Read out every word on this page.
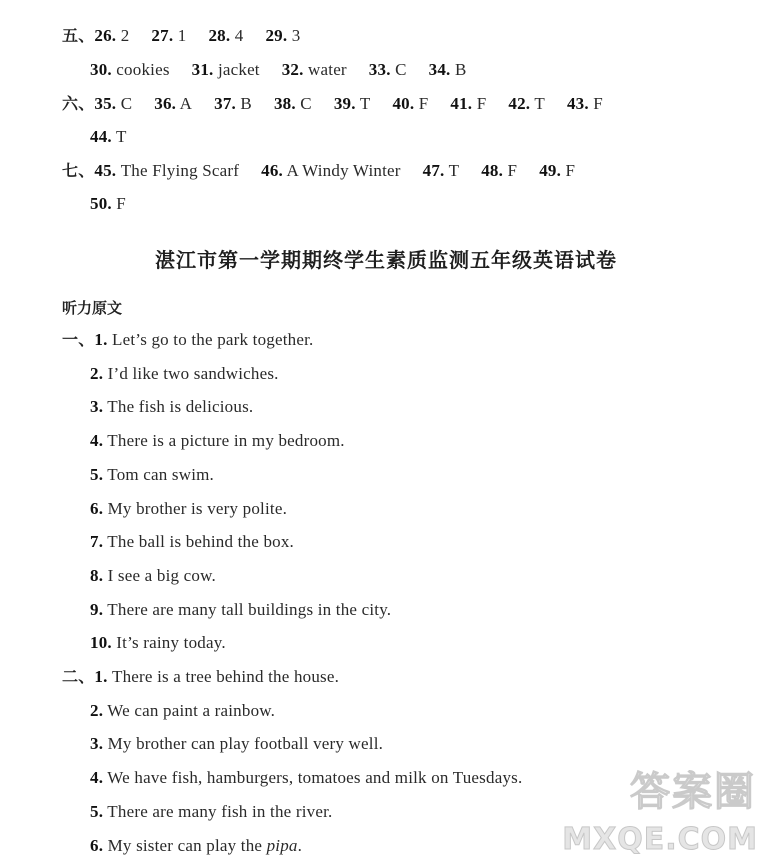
五、26. 2 27. 1 28. 4 29. 3
30. cookies 31. jacket 32. water 33. C 34. B
六、35. C 36. A 37. B 38. C 39. T 40. F 41. F 42. T 43. F
44. T
七、45. The Flying Scarf 46. A Windy Winter 47. T 48. F 49. F
50. F
湛江市第一学期期终学生素质监测五年级英语试卷
听力原文
一、1. Let’s go to the park together.
2. I’d like two sandwiches.
3. The fish is delicious.
4. There is a picture in my bedroom.
5. Tom can swim.
6. My brother is very polite.
7. The ball is behind the box.
8. I see a big cow.
9. There are many tall buildings in the city.
10. It’s rainy today.
二、1. There is a tree behind the house.
2. We can paint a rainbow.
3. My brother can play football very well.
4. We have fish, hamburgers, tomatoes and milk on Tuesdays.
5. There are many fish in the river.
6. My sister can play the pipa.
答案圈
MXQE.COM
